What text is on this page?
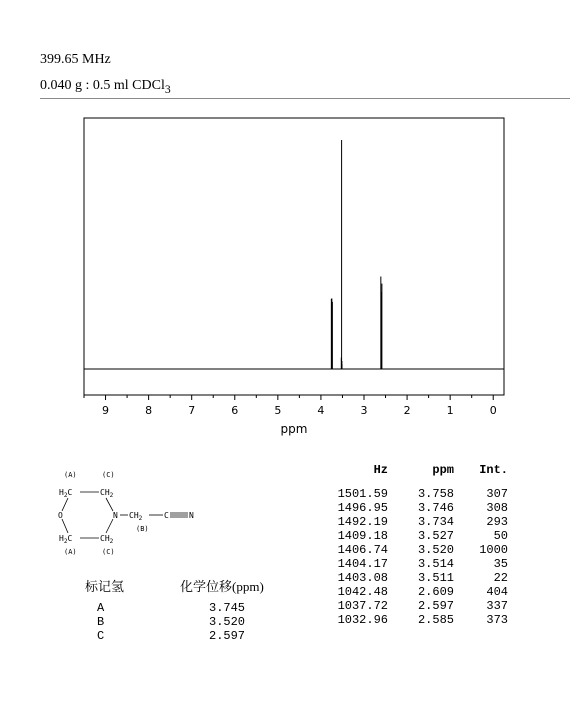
399.65 MHz
0.040 g : 0.5 ml CDCl$_3$
9	8	7	6	5	4	3	2	1	0
ppm
(A)	(C)
$H_2C$	$CH_2$
O	N $CH_2$	C	N
(B)
$H_2C$	$CH_2$
(A)	(C)
标记氢	化学位移(ppm)
A	3.745
B	3.520
C	2.597
Hz	ppm	Int.
1501.59	3.758	307
1496.95	3.746	308
1492.19	3.734	293
1409.18	3.527	50
1406.74	3.520	1000
1404.17	3.514	35
1403.08	3.511	22
1042.48	2.609	404
1037.72	2.597	337
1032.96	2.585	373
